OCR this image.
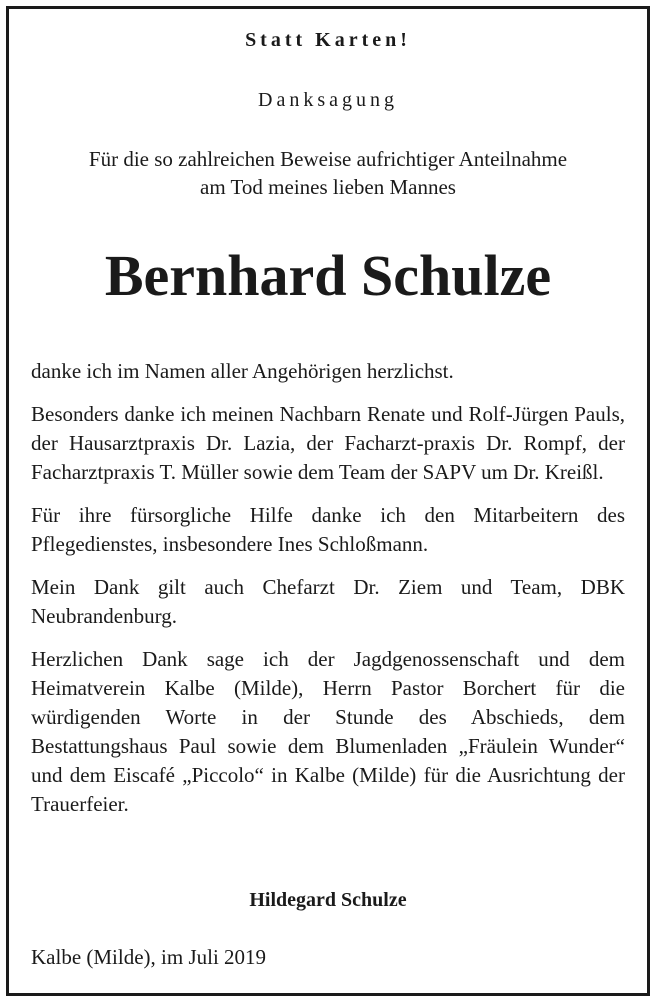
Statt Karten!
Danksagung
Für die so zahlreichen Beweise aufrichtiger Anteilnahme
am Tod meines lieben Mannes
Bernhard Schulze

danke ich im Namen aller Angehörigen herzlichst.

Besonders danke ich meinen Nachbarn Renate und Rolf-Jürgen Pauls, der Hausarztpraxis Dr. Lazia, der Facharzt-praxis Dr. Rompf, der Facharztpraxis T. Müller sowie dem Team der SAPV um Dr. Kreißl.

Für ihre fürsorgliche Hilfe danke ich den Mitarbeitern des Pflegedienstes, insbesondere Ines Schloßmann.

Mein Dank gilt auch Chefarzt Dr. Ziem und Team, DBK Neubrandenburg.

Herzlichen Dank sage ich der Jagdgenossenschaft und dem Heimatverein Kalbe (Milde), Herrn Pastor Borchert für die würdigenden Worte in der Stunde des Abschieds, dem Bestattungshaus Paul sowie dem Blumenladen „Fräulein Wunder“ und dem Eiscafé „Piccolo“ in Kalbe (Milde) für die Ausrichtung der Trauerfeier.

Hildegard Schulze
Kalbe (Milde), im Juli 2019
